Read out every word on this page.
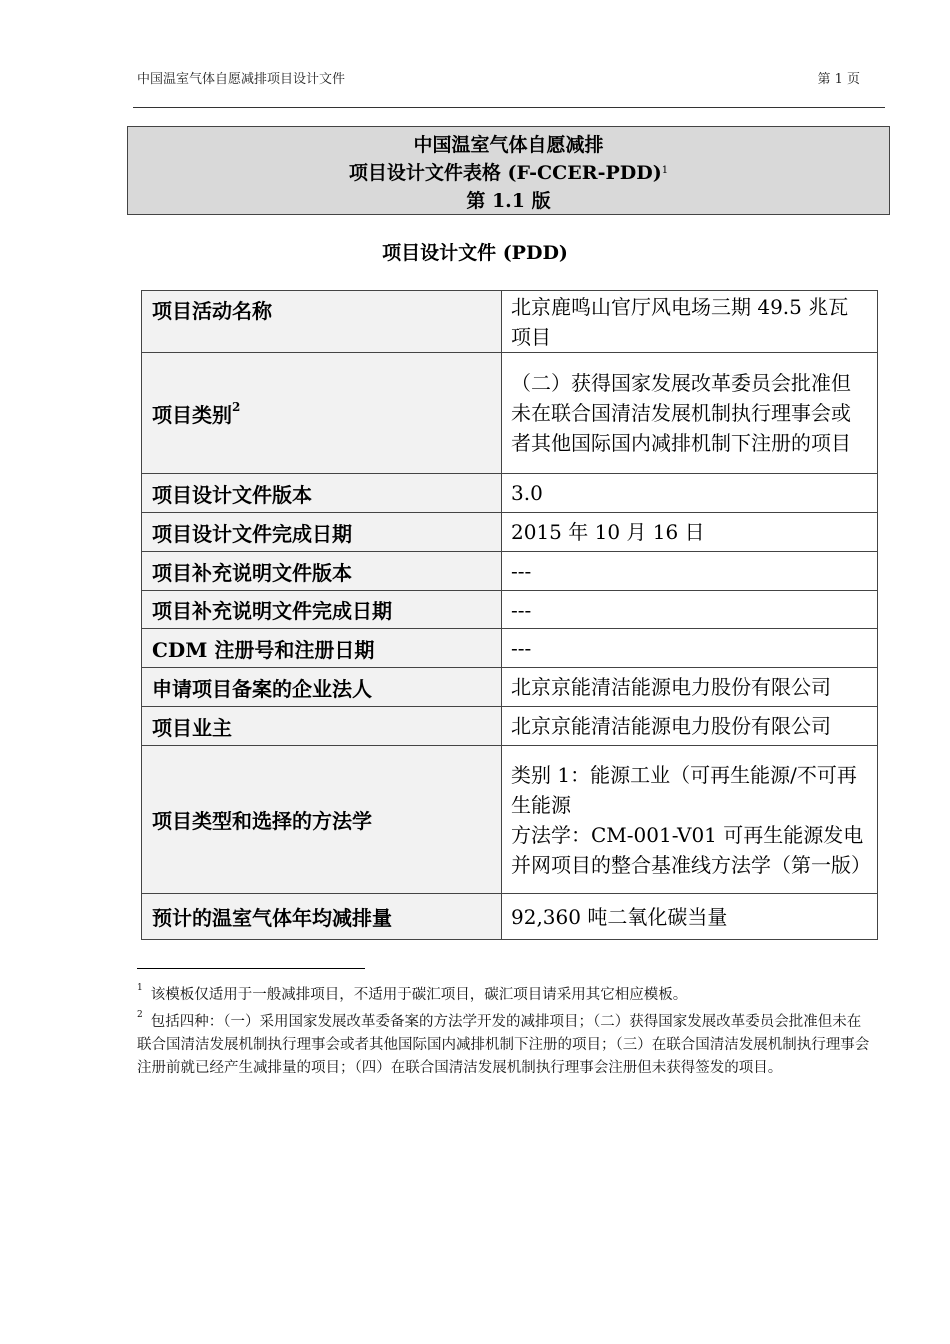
中国温室气体自愿减排项目设计文件	第 1 页
中国温室气体自愿减排
项目设计文件表格 (F-CCER-PDD)$^1$
第 1.1 版
项目设计文件 (PDD)
项目活动名称	北京鹿鸣山官厅风电场三期 49.5 兆瓦项目
项目类别$^2$	（二）获得国家发展改革委员会批准但未在联合国清洁发展机制执行理事会或者其他国际国内减排机制下注册的项目
项目设计文件版本	3.0
项目设计文件完成日期	2015 年 10 月 16 日
项目补充说明文件版本	---
项目补充说明文件完成日期	---
CDM 注册号和注册日期	---
申请项目备案的企业法人	北京京能清洁能源电力股份有限公司
项目业主	北京京能清洁能源电力股份有限公司
项目类型和选择的方法学	类别 1：能源工业（可再生能源/不可再生能源
方法学：CM-001-V01 可再生能源发电并网项目的整合基准线方法学（第一版）

预计的温室气体年均减排量	92,360 吨二氧化碳当量
$^1$ 该模板仅适用于一般减排项目，不适用于碳汇项目，碳汇项目请采用其它相应模板。
$^2$ 包括四种：（一）采用国家发展改革委备案的方法学开发的减排项目；（二）获得国家发展改革委员会批准但未在联合国清洁发展机制执行理事会或者其他国际国内减排机制下注册的项目；（三）在联合国清洁发展机制执行理事会注册前就已经产生减排量的项目；（四）在联合国清洁发展机制执行理事会注册但未获得签发的项目。
